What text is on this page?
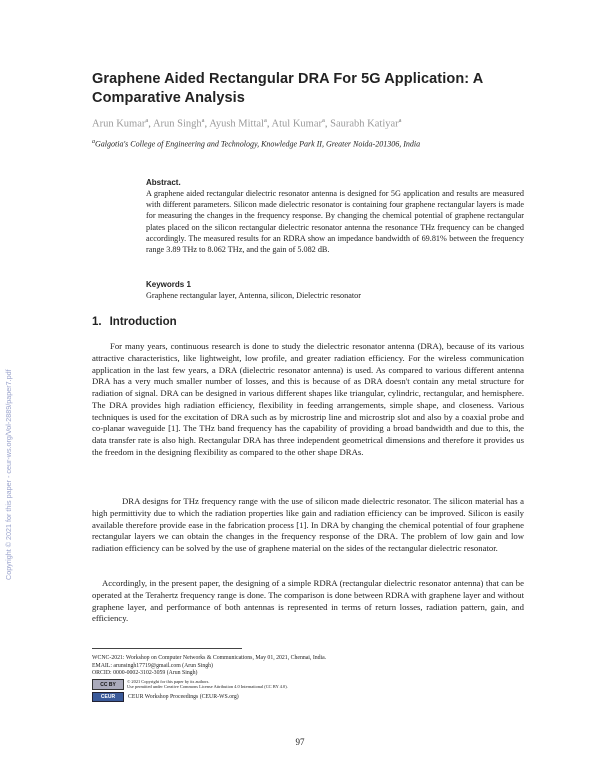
Copyright © 2021 for this paper - ceur-ws.org/Vol-2889/paper7.pdf
Graphene Aided Rectangular DRA For 5G Application: A Comparative Analysis
Arun Kumar$^a$, Arun Singh$^a$, Ayush Mittal$^a$, Atul Kumar$^a$, Saurabh Katiyar$^a$
$^a$Galgotia's College of Engineering and Technology, Knowledge Park II, Greater Noida-201306, India
Abstract.
A graphene aided rectangular dielectric resonator antenna is designed for 5G application and results are measured with different parameters. Silicon made dielectric resonator is containing four graphene rectangular layers is made for measuring the changes in the frequency response. By changing the chemical potential of graphene rectangular plates placed on the silicon rectangular dielectric resonator antenna the resonance THz frequency can be changed accordingly. The measured results for an RDRA show an impedance bandwidth of 69.81% between the frequency range 3.89 THz to 8.062 THz, and the gain of 5.082 dB.
Keywords 1
Graphene rectangular layer, Antenna, silicon, Dielectric resonator
1. Introduction
For many years, continuous research is done to study the dielectric resonator antenna (DRA), because of its various attractive characteristics, like lightweight, low profile, and greater radiation efficiency. For the wireless communication application in the last few years, a DRA (dielectric resonator antenna) is used. As compared to various different antenna DRA has a very much smaller number of losses, and this is because of as DRA doesn't contain any metal structure for radiation of signal. DRA can be designed in various different shapes like triangular, cylindric, rectangular, and hemisphere. The DRA provides high radiation efficiency, flexibility in feeding arrangements, simple shape, and closeness. Various techniques is used for the excitation of DRA such as by microstrip line and microstrip slot and also by a coaxial probe and co-planar waveguide [1]. The THz band frequency has the capability of providing a broad bandwidth and due to this, the data transfer rate is also high. Rectangular DRA has three independent geometrical dimensions and therefore it provides us the freedom in the designing flexibility as compared to the other shape DRAs.
DRA designs for THz frequency range with the use of silicon made dielectric resonator. The silicon material has a high permittivity due to which the radiation properties like gain and radiation efficiency can be improved. Silicon is easily available therefore provide ease in the fabrication process [1]. In DRA by changing the chemical potential of four graphene rectangular layers we can obtain the changes in the frequency response of the DRA. The problem of low gain and low radiation efficiency can be solved by the use of graphene material on the sides of the rectangular dielectric resonator.
Accordingly, in the present paper, the designing of a simple RDRA (rectangular dielectric resonator antenna) that can be operated at the Terahertz frequency range is done. The comparison is done between RDRA with graphene layer and without graphene layer, and performance of both antennas is represented in terms of return losses, radiation pattern, gain, and efficiency.
WCNC-2021: Workshop on Computer Networks & Communications, May 01, 2021, Chennai, India.
EMAIL: arunsingh17719@gmail.com (Arun Singh)
ORCID: 0000-0002-3102-3059 (Arun Singh)
CC BY	© 2021 Copyright for this paper by its authors.
Use permitted under Creative Commons License Attribution 4.0 International (CC BY 4.0).
CEUR	CEUR Workshop Proceedings (CEUR-WS.org)
97
